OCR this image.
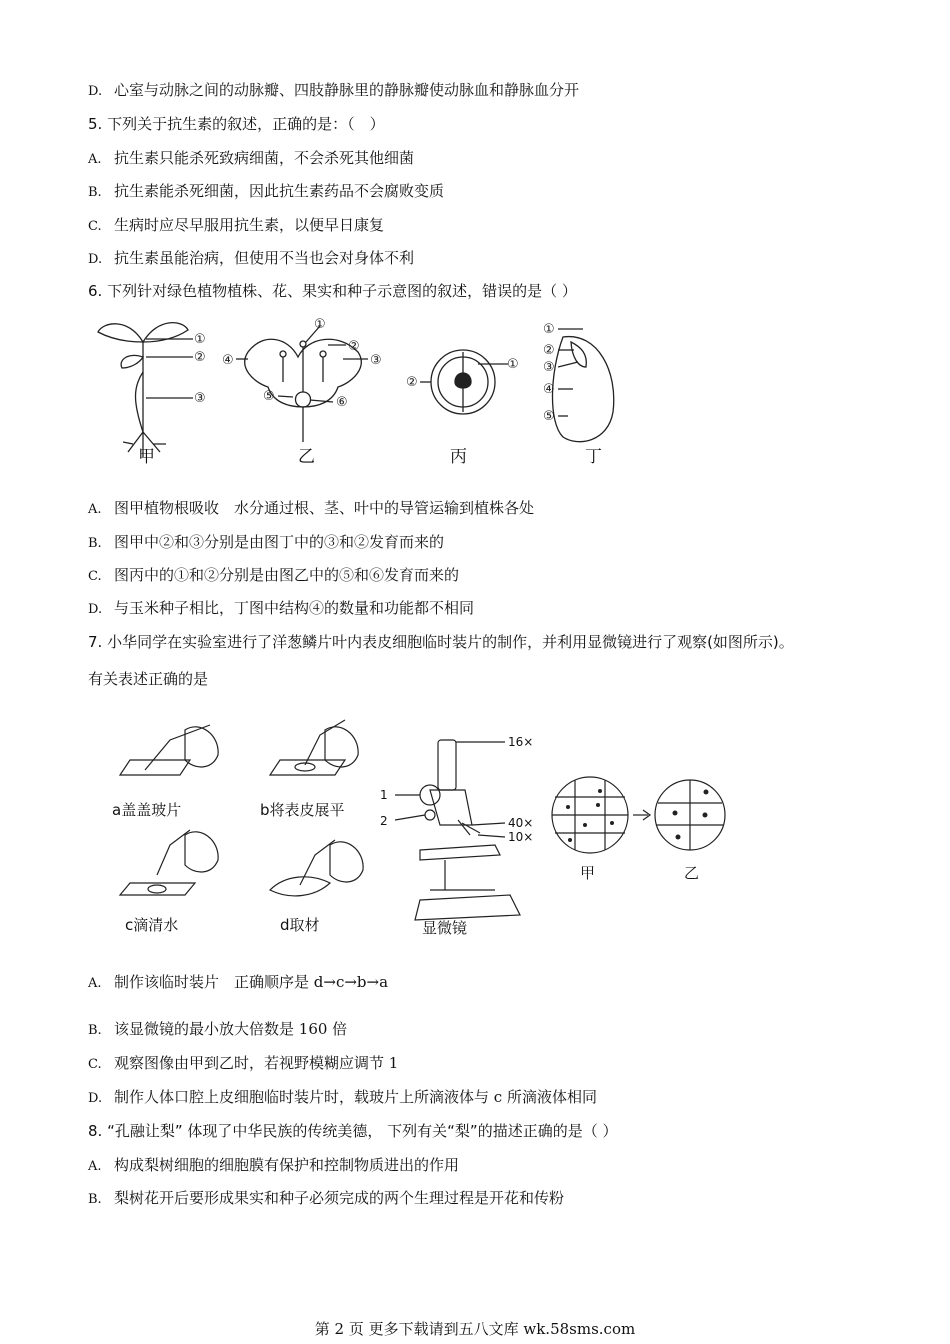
D. 心室与动脉之间的动脉瓣、四肢静脉里的静脉瓣使动脉血和静脉血分开
5. 下列关于抗生素的叙述，正确的是：（　）
A. 抗生素只能杀死致病细菌，不会杀死其他细菌
B. 抗生素能杀死细菌，因此抗生素药品不会腐败变质
C. 生病时应尽早服用抗生素，以便早日康复
D. 抗生素虽能治病，但使用不当也会对身体不利
6. 下列针对绿色植物植株、花、果实和种子示意图的叙述，错误的是（ ）
①
②
③
①
②
③
④
⑤	⑥
①
②
①
②
③
④
⑤
甲	乙	丙	丁
A. 图甲植物根吸收　水分通过根、茎、叶中的导管运输到植株各处
B. 图甲中②和③分别是由图丁中的③和②发育而来的
C. 图丙中的①和②分别是由图乙中的⑤和⑥发育而来的
D. 与玉米种子相比，丁图中结构④的数量和功能都不相同
7. 小华同学在实验室进行了洋葱鳞片叶内表皮细胞临时装片的制作，并利用显微镜进行了观察(如图所示)。
有关表述正确的是
a盖盖玻片	b将表皮展平
c滴清水	d取材	显微镜
甲	乙
1
2
16×
40×
10×
A. 制作该临时装片　正确顺序是 d→c→b→a
B. 该显微镜的最小放大倍数是 160 倍
C. 观察图像由甲到乙时，若视野模糊应调节 1
D. 制作人体口腔上皮细胞临时装片时，载玻片上所滴液体与 c 所滴液体相同
8. “孔融让梨” 体现了中华民族的传统美德， 下列有关“梨”的描述正确的是（ ）
A. 构成梨树细胞的细胞膜有保护和控制物质进出的作用
B. 梨树花开后要形成果实和种子必须完成的两个生理过程是开花和传粉
第 2 页 更多下载请到五八文库 wk.58sms.com
